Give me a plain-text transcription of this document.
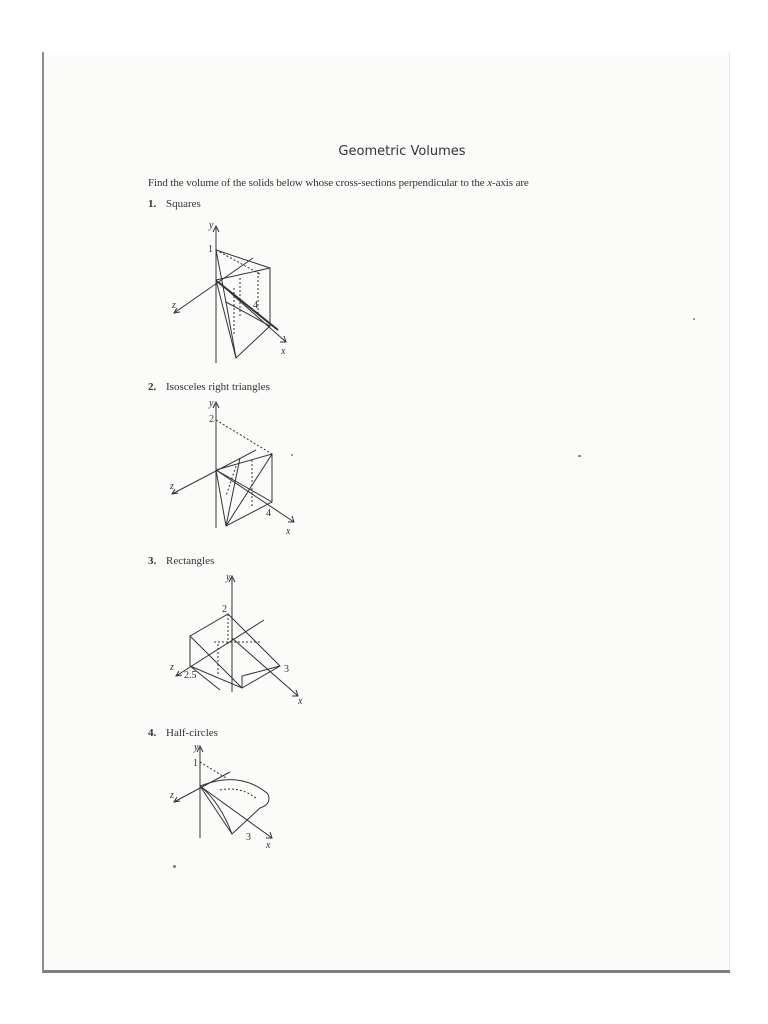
Geometric Volumes
Find the volume of the solids below whose cross-sections perpendicular to the x-axis are
1. Squares
y
1
z	4
x
2. Isosceles right triangles
y
2
z
4
x
3. Rectangles
y
2
z
2.5
3
x
4. Half-circles
y
1
z
3
x
